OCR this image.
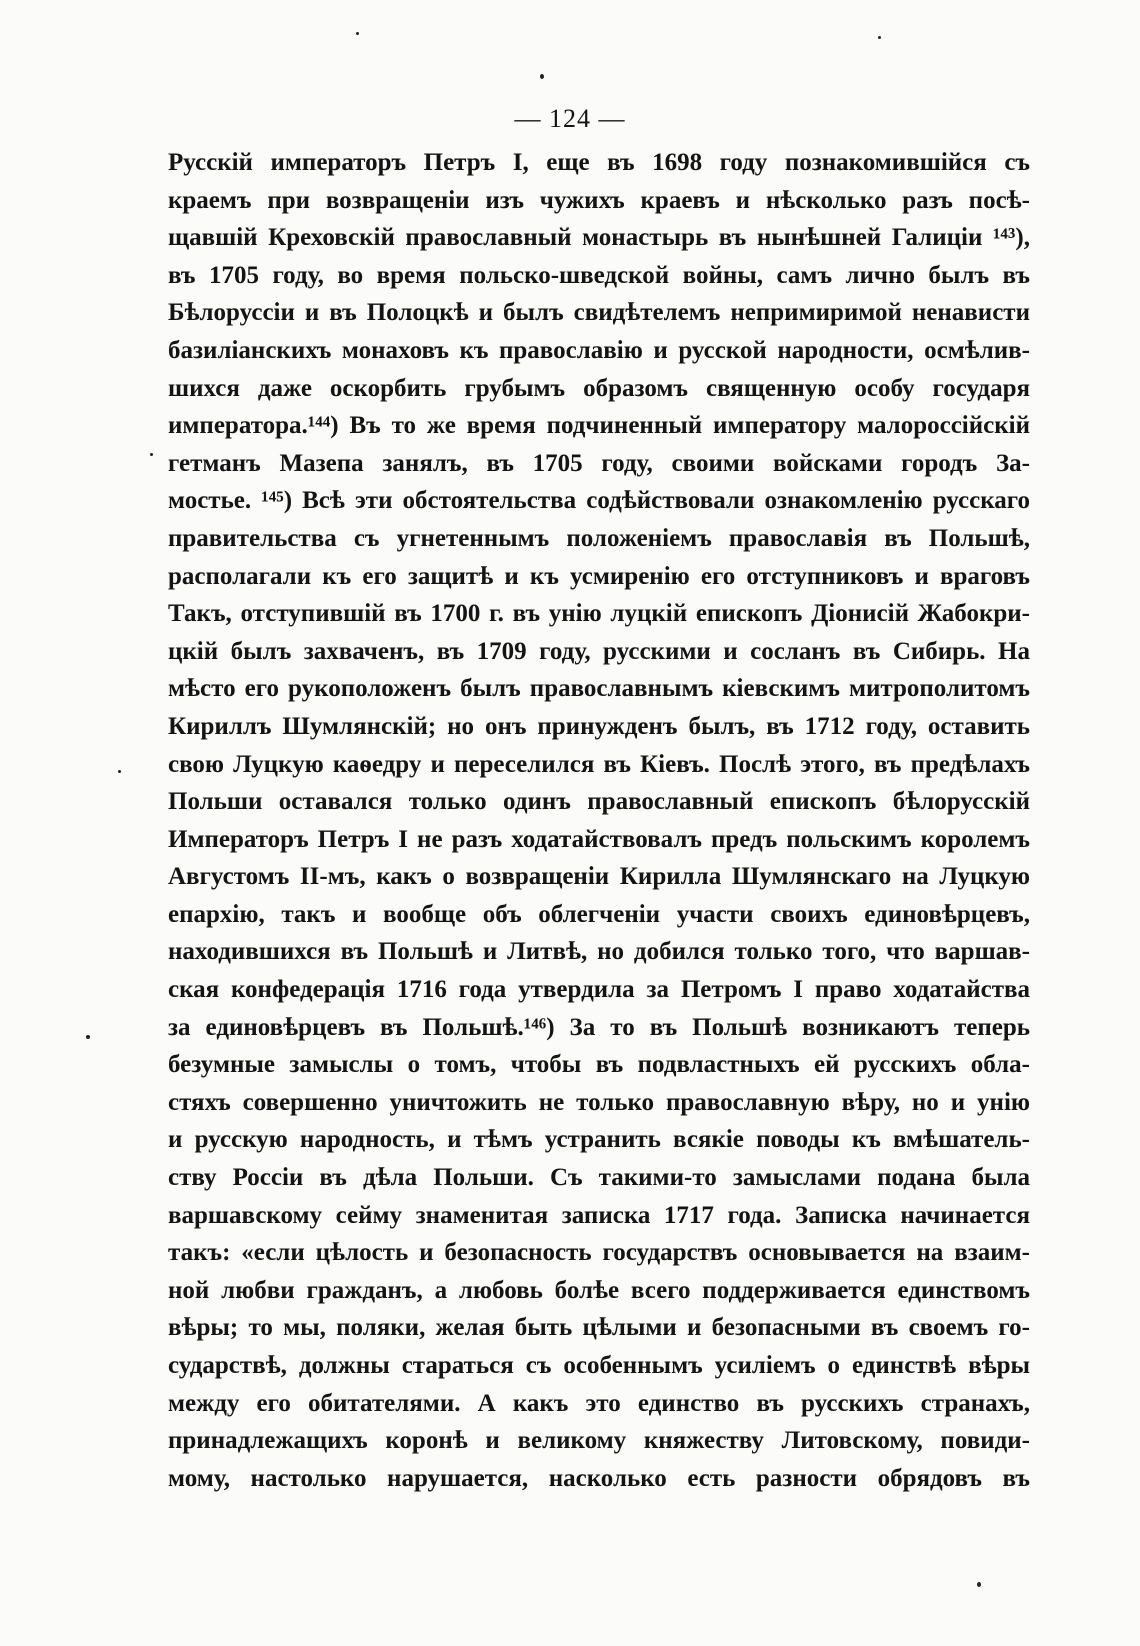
— 124 —
Русскій императоръ Петръ I, еще въ 1698 году познакомившійся съ
краемъ при возвращеніи изъ чужихъ краевъ и нѣсколько разъ посѣ-
щавшій Креховскій православный монастырь въ нынѣшней Галиціи ¹⁴³),
въ 1705 году, во время польско-шведской войны, самъ лично былъ въ
Бѣлоруссіи и въ Полоцкѣ и былъ свидѣтелемъ непримиримой ненависти
базиліанскихъ монаховъ къ православію и русской народности, осмѣлив-
шихся даже оскорбить грубымъ образомъ священную особу государя
императора.¹⁴⁴) Въ то же время подчиненный императору малороссійскій
гетманъ Мазепа занялъ, въ 1705 году, своими войсками городъ За-
мостье. ¹⁴⁵) Всѣ эти обстоятельства содѣйствовали ознакомленію русскаго
правительства съ угнетеннымъ положеніемъ православія въ Польшѣ,
располагали къ его защитѣ и къ усмиренію его отступниковъ и враговъ
Такъ, отступившій въ 1700 г. въ унію луцкій епископъ Діонисій Жабокри-
цкій былъ захваченъ, въ 1709 году, русскими и сосланъ въ Сибирь. На
мѣсто его рукоположенъ былъ православнымъ кіевскимъ митрополитомъ
Кириллъ Шумлянскій; но онъ принужденъ былъ, въ 1712 году, оставить
свою Луцкую каѳедру и переселился въ Кіевъ. Послѣ этого, въ предѣлахъ
Польши оставался только одинъ православный епископъ бѣлорусскій
Императоръ Петръ I не разъ ходатайствовалъ предъ польскимъ королемъ
Августомъ II-мъ, какъ о возвращеніи Кирилла Шумлянскаго на Луцкую
епархію, такъ и вообще объ облегченіи участи своихъ единовѣрцевъ,
находившихся въ Польшѣ и Литвѣ, но добился только того, что варшав-
ская конфедерація 1716 года утвердила за Петромъ I право ходатайства
за единовѣрцевъ въ Польшѣ.¹⁴⁶) За то въ Польшѣ возникаютъ теперь
безумные замыслы о томъ, чтобы въ подвластныхъ ей русскихъ обла-
стяхъ совершенно уничтожить не только православную вѣру, но и унію
и русскую народность, и тѣмъ устранить всякіе поводы къ вмѣшатель-
ству Россіи въ дѣла Польши. Съ такими-то замыслами подана была
варшавскому сейму знаменитая записка 1717 года. Записка начинается
такъ: «если цѣлость и безопасность государствъ основывается на взаим-
ной любви гражданъ, а любовь болѣе всего поддерживается единствомъ
вѣры; то мы, поляки, желая быть цѣлыми и безопасными въ своемъ го-
сударствѣ, должны стараться съ особеннымъ усиліемъ о единствѣ вѣры
между его обитателями. А какъ это единство въ русскихъ странахъ,
принадлежащихъ коронѣ и великому княжеству Литовскому, повиди-
мому, настолько нарушается, насколько есть разности обрядовъ въ
